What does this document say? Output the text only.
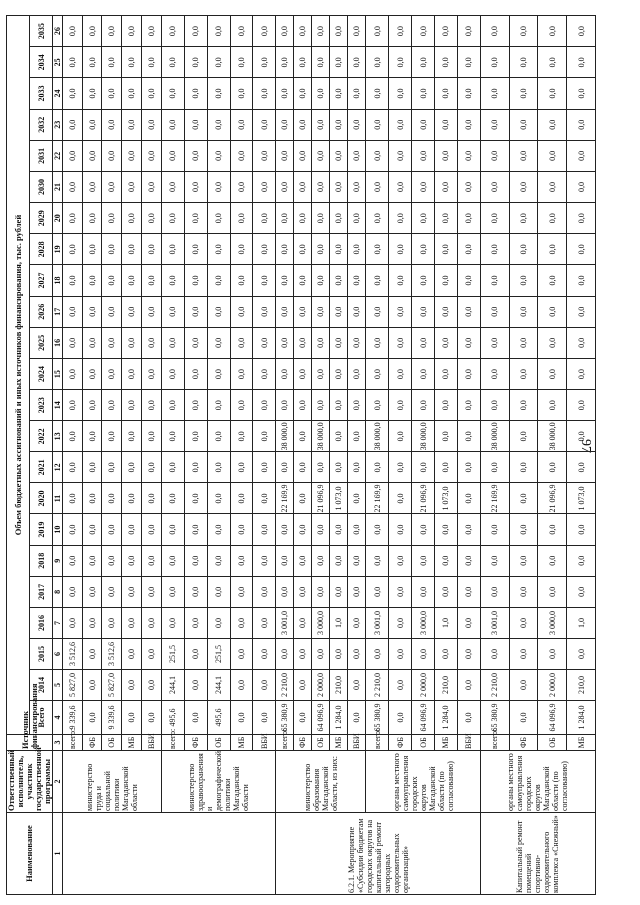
97
Наименование	Ответственный исполнитель, участник государственной программы	Источник финансирования	Объем бюджетных ассигнований и иных источников финансирования, тыс. рублей																						
			Всего	2014	2015	2016	2017	2018	2019	2020	2021	2022	2023	2024	2025	2026	2027	2028	2029	2030	2031	2032	2033	2034	2035
1	2	3	4	5	6	7	8	9	10	11	12	13	14	15	16	17	18	19	20	21	22	23	24	25	26
	министерство труда и социальной политики Магаданской области	всего:	9 339,6	5 827,0	3 512,6	0,0	0,0	0,0	0,0	0,0	0,0	0,0	0,0	0,0	0,0	0,0	0,0	0,0	0,0	0,0	0,0	0,0	0,0	0,0	0,0
		ФБ	0,0	0,0	0,0	0,0	0,0	0,0	0,0	0,0	0,0	0,0	0,0	0,0	0,0	0,0	0,0	0,0	0,0	0,0	0,0	0,0	0,0	0,0	0,0
		ОБ	9 339,6	5 827,0	3 512,6	0,0	0,0	0,0	0,0	0,0	0,0	0,0	0,0	0,0	0,0	0,0	0,0	0,0	0,0	0,0	0,0	0,0	0,0	0,0	0,0
		МБ	0,0	0,0	0,0	0,0	0,0	0,0	0,0	0,0	0,0	0,0	0,0	0,0	0,0	0,0	0,0	0,0	0,0	0,0	0,0	0,0	0,0	0,0	0,0
		ВБИ	0,0	0,0	0,0	0,0	0,0	0,0	0,0	0,0	0,0	0,0	0,0	0,0	0,0	0,0	0,0	0,0	0,0	0,0	0,0	0,0	0,0	0,0	0,0
	министерство здравоохранения и демографической политики Магаданской области	всего:	495,6	244,1	251,5	0,0	0,0	0,0	0,0	0,0	0,0	0,0	0,0	0,0	0,0	0,0	0,0	0,0	0,0	0,0	0,0	0,0	0,0	0,0	0,0
		ФБ	0,0	0,0	0,0	0,0	0,0	0,0	0,0	0,0	0,0	0,0	0,0	0,0	0,0	0,0	0,0	0,0	0,0	0,0	0,0	0,0	0,0	0,0	0,0
		ОБ	495,6	244,1	251,5	0,0	0,0	0,0	0,0	0,0	0,0	0,0	0,0	0,0	0,0	0,0	0,0	0,0	0,0	0,0	0,0	0,0	0,0	0,0	0,0
		МБ	0,0	0,0	0,0	0,0	0,0	0,0	0,0	0,0	0,0	0,0	0,0	0,0	0,0	0,0	0,0	0,0	0,0	0,0	0,0	0,0	0,0	0,0	0,0
		ВБИ	0,0	0,0	0,0	0,0	0,0	0,0	0,0	0,0	0,0	0,0	0,0	0,0	0,0	0,0	0,0	0,0	0,0	0,0	0,0	0,0	0,0	0,0	0,0
6.2.1. Мероприятие «Субсидии бюджетам городских округов на капитальный ремонт загородных оздоровительных организаций»	министерство образования Магаданской области, из них:	всего:	65 380,9	2 210,0	0,0	3 001,0	0,0	0,0	0,0	22 169,9	0,0	38 000,0	0,0	0,0	0,0	0,0	0,0	0,0	0,0	0,0	0,0	0,0	0,0	0,0	0,0
		ФБ	0,0	0,0	0,0	0,0	0,0	0,0	0,0	0,0	0,0	0,0	0,0	0,0	0,0	0,0	0,0	0,0	0,0	0,0	0,0	0,0	0,0	0,0	0,0
		ОБ	64 096,9	2 000,0	0,0	3 000,0	0,0	0,0	0,0	21 096,9	0,0	38 000,0	0,0	0,0	0,0	0,0	0,0	0,0	0,0	0,0	0,0	0,0	0,0	0,0	0,0
		МБ	1 284,0	210,0	0,0	1,0	0,0	0,0	0,0	1 073,0	0,0	0,0	0,0	0,0	0,0	0,0	0,0	0,0	0,0	0,0	0,0	0,0	0,0	0,0	0,0
		ВБИ	0,0	0,0	0,0	0,0	0,0	0,0	0,0	0,0	0,0	0,0	0,0	0,0	0,0	0,0	0,0	0,0	0,0	0,0	0,0	0,0	0,0	0,0	0,0
	органы местного самоуправления городских округов Магаданской области (по согласованию)	всего:	65 380,9	2 210,0	0,0	3 001,0	0,0	0,0	0,0	22 169,9	0,0	38 000,0	0,0	0,0	0,0	0,0	0,0	0,0	0,0	0,0	0,0	0,0	0,0	0,0	0,0
		ФБ	0,0	0,0	0,0	0,0	0,0	0,0	0,0	0,0	0,0	0,0	0,0	0,0	0,0	0,0	0,0	0,0	0,0	0,0	0,0	0,0	0,0	0,0	0,0
		ОБ	64 096,9	2 000,0	0,0	3 000,0	0,0	0,0	0,0	21 096,9	0,0	38 000,0	0,0	0,0	0,0	0,0	0,0	0,0	0,0	0,0	0,0	0,0	0,0	0,0	0,0
		МБ	1 284,0	210,0	0,0	1,0	0,0	0,0	0,0	1 073,0	0,0	0,0	0,0	0,0	0,0	0,0	0,0	0,0	0,0	0,0	0,0	0,0	0,0	0,0	0,0
		ВБИ	0,0	0,0	0,0	0,0	0,0	0,0	0,0	0,0	0,0	0,0	0,0	0,0	0,0	0,0	0,0	0,0	0,0	0,0	0,0	0,0	0,0	0,0	0,0
Капитальный ремонт помещений спортивно-оздоровительного комплекса «Снежный»	органы местного самоуправления городских округов Магаданской области (по согласованию)	всего:	65 380,9	2 210,0	0,0	3 001,0	0,0	0,0	0,0	22 169,9	0,0	38 000,0	0,0	0,0	0,0	0,0	0,0	0,0	0,0	0,0	0,0	0,0	0,0	0,0	0,0
		ФБ	0,0	0,0	0,0	0,0	0,0	0,0	0,0	0,0	0,0	0,0	0,0	0,0	0,0	0,0	0,0	0,0	0,0	0,0	0,0	0,0	0,0	0,0	0,0
		ОБ	64 096,9	2 000,0	0,0	3 000,0	0,0	0,0	0,0	21 096,9	0,0	38 000,0	0,0	0,0	0,0	0,0	0,0	0,0	0,0	0,0	0,0	0,0	0,0	0,0	0,0
		МБ	1 284,0	210,0	0,0	1,0	0,0	0,0	0,0	1 073,0	0,0	0,0	0,0	0,0	0,0	0,0	0,0	0,0	0,0	0,0	0,0	0,0	0,0	0,0	0,0
